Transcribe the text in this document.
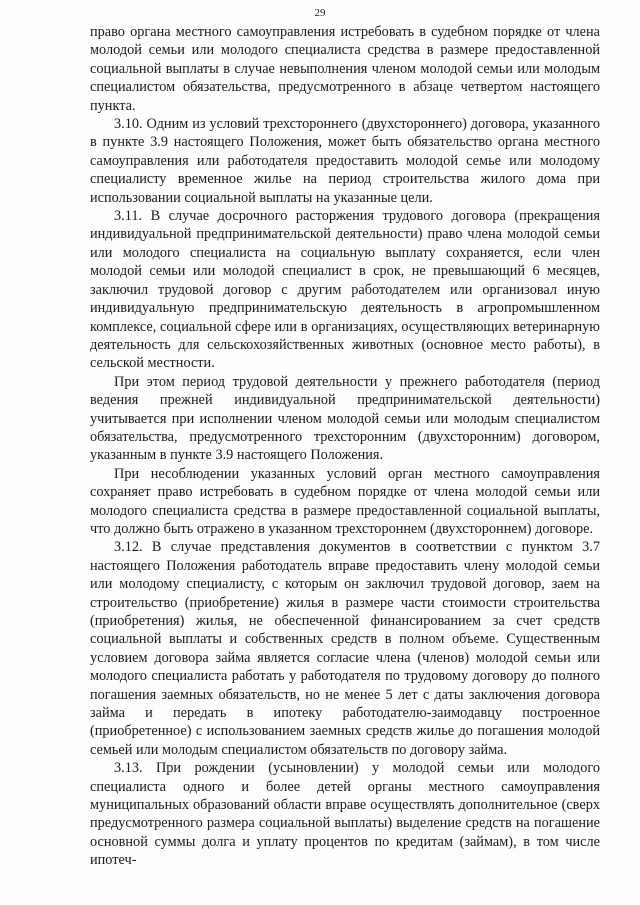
29

право органа местного самоуправления истребовать в судебном порядке от члена молодой семьи или молодого специалиста средства в размере предоставленной социальной выплаты в случае невыполнения членом молодой семьи или молодым специалистом обязательства, предусмотренного в абзаце четвертом настоящего пункта.

3.10. Одним из условий трехстороннего (двухстороннего) договора, указанного в пункте 3.9 настоящего Положения, может быть обязательство органа местного самоуправления или работодателя предоставить молодой семье или молодому специалисту временное жилье на период строительства жилого дома при использовании социальной выплаты на указанные цели.

3.11. В случае досрочного расторжения трудового договора (прекращения индивидуальной предпринимательской деятельности) право члена молодой семьи или молодого специалиста на социальную выплату сохраняется, если член молодой семьи или молодой специалист в срок, не превышающий 6 месяцев, заключил трудовой договор с другим работодателем или организовал иную индивидуальную предпринимательскую деятельность в агропромышленном комплексе, социальной сфере или в организациях, осуществляющих ветеринарную деятельность для сельскохозяйственных животных (основное место работы), в сельской местности.

При этом период трудовой деятельности у прежнего работодателя (период ведения прежней индивидуальной предпринимательской деятельности) учитывается при исполнении членом молодой семьи или молодым специалистом обязательства, предусмотренного трехсторонним (двухсторонним) договором, указанным в пункте 3.9 настоящего Положения.

При несоблюдении указанных условий орган местного самоуправления сохраняет право истребовать в судебном порядке от члена молодой семьи или молодого специалиста средства в размере предоставленной социальной выплаты, что должно быть отражено в указанном трехстороннем (двухстороннем) договоре.

3.12. В случае представления документов в соответствии с пунктом 3.7 настоящего Положения работодатель вправе предоставить члену молодой семьи или молодому специалисту, с которым он заключил трудовой договор, заем на строительство (приобретение) жилья в размере части стоимости строительства (приобретения) жилья, не обеспеченной финансированием за счет средств социальной выплаты и собственных средств в полном объеме. Существенным условием договора займа является согласие члена (членов) молодой семьи или молодого специалиста работать у работодателя по трудовому договору до полного погашения заемных обязательств, но не менее 5 лет с даты заключения договора займа и передать в ипотеку работодателю-заимодавцу построенное (приобретенное) с использованием заемных средств жилье до погашения молодой семьей или молодым специалистом обязательств по договору займа.

3.13. При рождении (усыновлении) у молодой семьи или молодого специалиста одного и более детей органы местного самоуправления муниципальных образований области вправе осуществлять дополнительное (сверх предусмотренного размера социальной выплаты) выделение средств на погашение основной суммы долга и уплату процентов по кредитам (займам), в том числе ипотеч-
